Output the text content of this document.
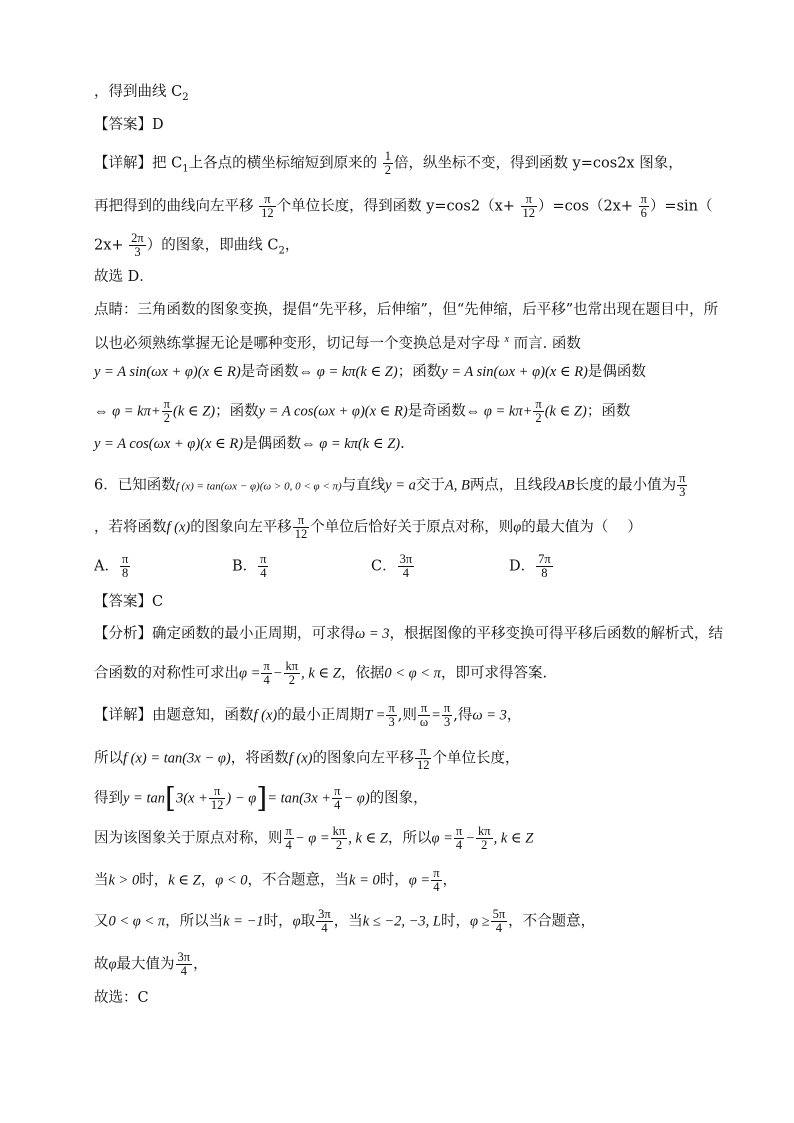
，得到曲线 $C_2$
【答案】D
【详解】把 $C_1$上各点的横坐标缩短到原来的 $\frac{1}{2}$ 倍，纵坐标不变，得到函数 y=cos2x 图象，
再把得到的曲线向左平移 $\frac{\pi}{12}$ 个单位长度，得到函数 $y=\cos 2(x+ \frac{\pi}{12} )=\cos(2x+ \frac{\pi}{6} )=\sin$（
$2x+ \frac{2\pi}{3}$ ）的图象，即曲线 $C_2$，
故选 D．
点睛：三角函数的图象变换，提倡“先平移，后伸缩”，但“先伸缩，后平移”也常出现在题目中，所
以也必须熟练掌握无论是哪种变形，切记每一个变换总是对字母 $^x$ 而言. 函数
y = A sin(ωx + φ)(x ∈ R)是奇函数⇔ φ = kπ(k ∈ Z)；函数y = A sin(ωx + φ)(x ∈ R)是偶函数
⇔ $\varphi = k\pi+ \frac{\pi}{2} (k$ ∈ Z)；函数y = A cos(ωx + φ)(x ∈ R)是奇函数⇔ $\varphi = k\pi+ \frac{\pi}{2} (k$ ∈ Z)；函数
y = A cos(ωx + φ)(x ∈ R)是偶函数⇔ φ = kπ(k ∈ Z).
6．已知函数f (x) = tan(ωx − φ)(ω > 0, 0 < φ < π)与直线y = a交于A, B两点，且线段AB长度的最小值为 $\frac{\pi}{3}$
，若将函数f (x)的图象向左平移 $\frac{\pi}{12}$ 个单位后恰好关于原点对称，则φ的最大值为（　 ）
A． $\frac{\pi}{8}$	B． $\frac{\pi}{4}$	C． $\frac{3\pi}{4}$	D． $\frac{7\pi}{8}$
【答案】C
【分析】确定函数的最小正周期，可求得ω = 3，根据图像的平移变换可得平移后函数的解析式，结
合函数的对称性可求出$\varphi = \frac{\pi}{4} - \frac{k\pi}{2}$ , k ∈ Z，依据0 < φ < π，即可求得答案.
【详解】由题意知，函数f (x)的最小正周期$T = \frac{\pi}{3}$ ,则 $\frac{\pi}{\omega} = \frac{\pi}{3}$ ,得ω = 3，
所以f (x) = tan(3x − φ)，将函数f (x)的图象向左平移 $\frac{\pi}{12}$ 个单位长度，
得到$y = \tan[3(x + \frac{\pi}{12}$ ) − $\varphi]= \tan(3x + \frac{\pi}{4} - \varphi)$的图象，
因为该图象关于原点对称，则 $\frac{\pi}{4} - \varphi = \frac{k\pi}{2}$ , k ∈ Z，所以$\varphi = \frac{\pi}{4} - \frac{k\pi}{2}$ , k ∈ Z
当k > 0时，k ∈ Z，φ < 0，不合题意，当k = 0时，$\varphi = \frac{\pi}{4}$ ，
又0 < φ < π，所以当k = −1时，φ取 $\frac{3\pi}{4}$ ，当k ≤ −2, −3, L时，$\varphi \ge \frac{5\pi}{4}$ ，不合题意，
故φ最大值为 $\frac{3\pi}{4}$ ，
故选：C
